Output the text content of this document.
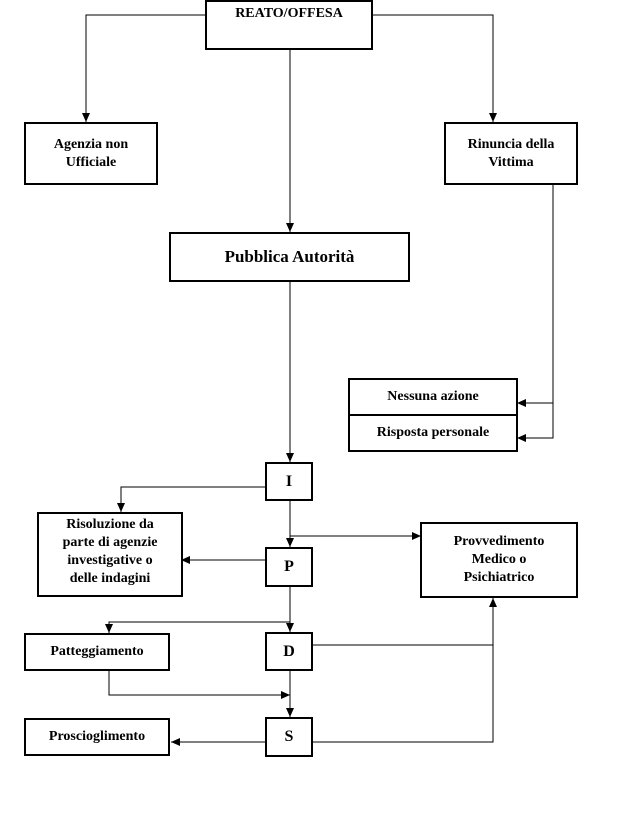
REATO/OFFESA
Agenzia non
Ufficiale
Rinuncia della
Vittima
Pubblica Autorità
Nessuna azione
Risposta personale
I
Risoluzione da
parte di agenzie
investigative o
delle indagini
P
Provvedimento
Medico o
Psichiatrico
Patteggiamento	D
Proscioglimento	S
